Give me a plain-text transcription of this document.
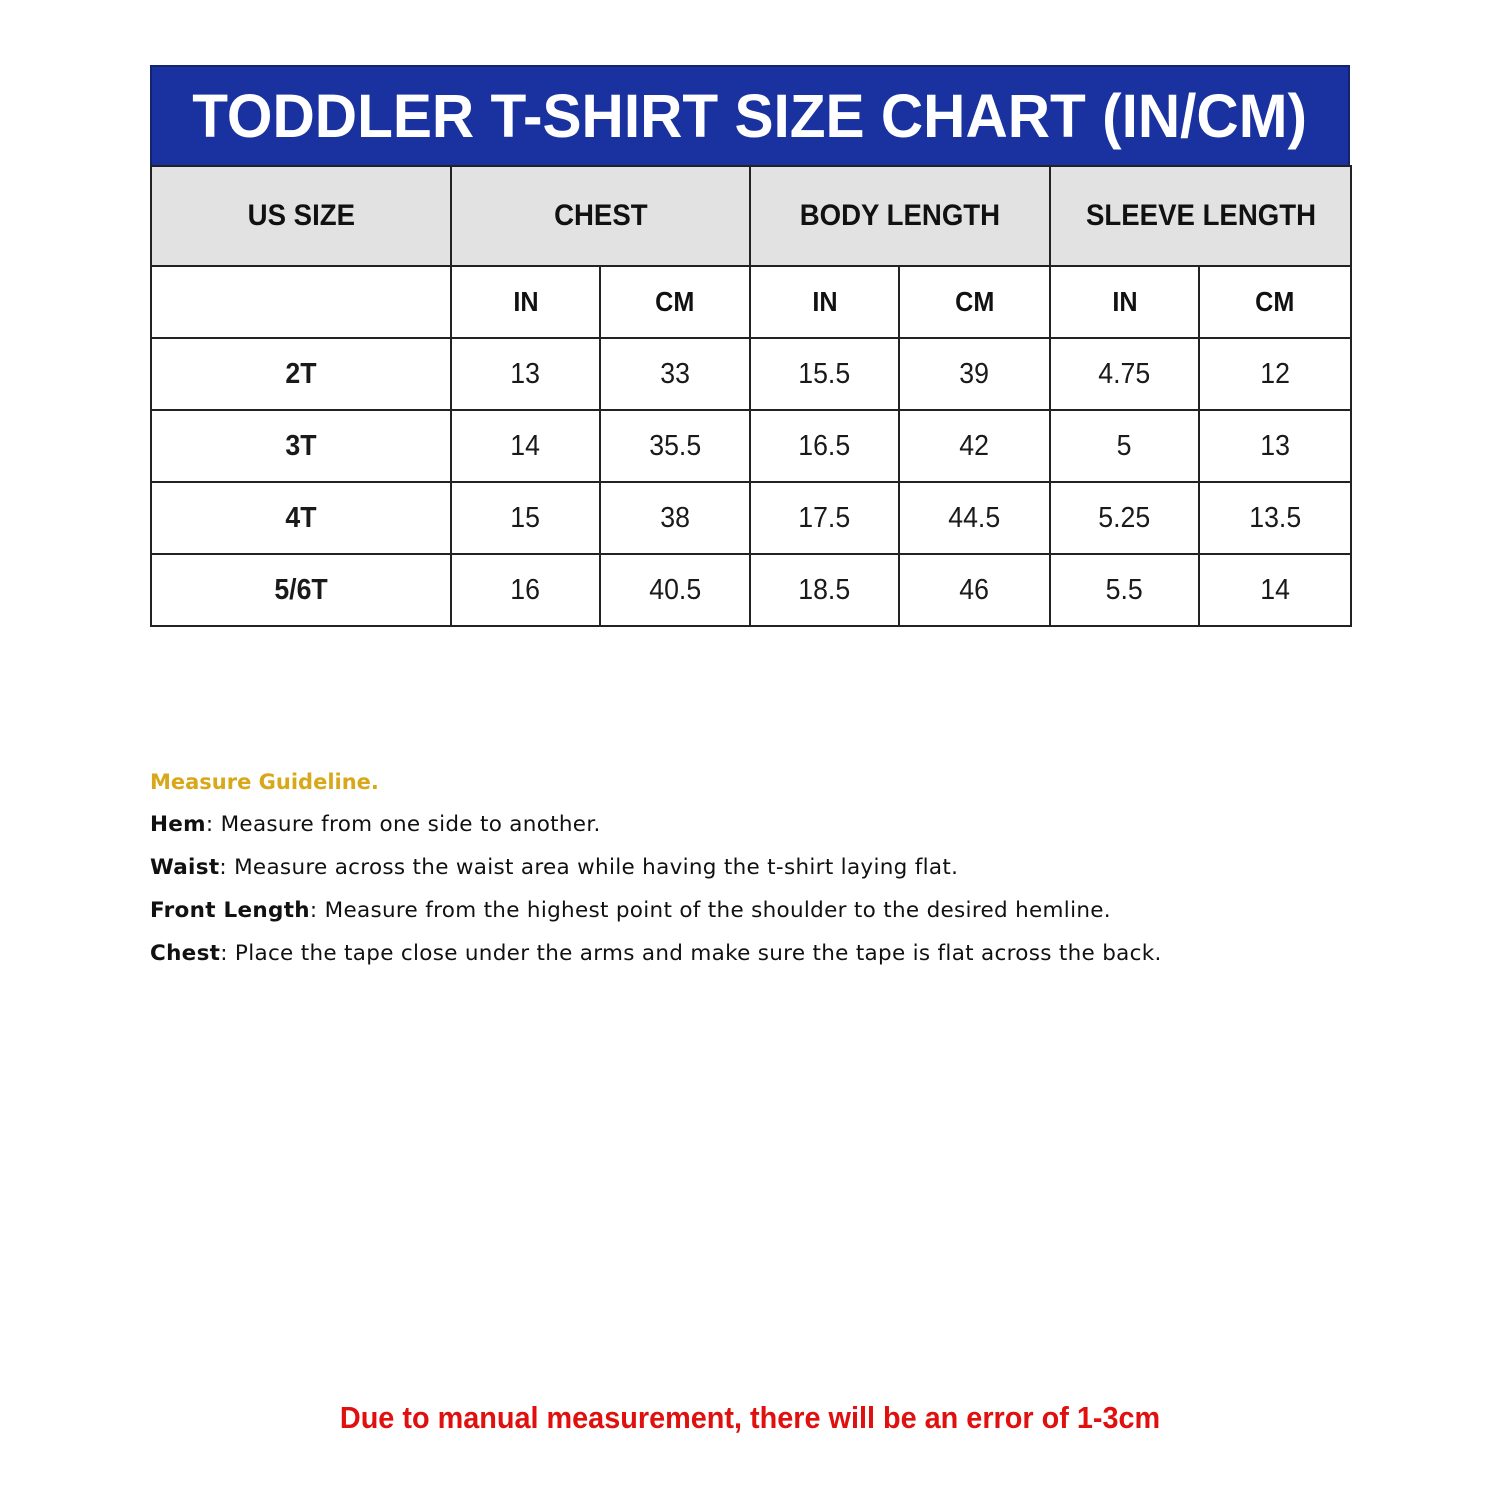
TODDLER T-SHIRT SIZE CHART (IN/CM)
US SIZE	CHEST		BODY LENGTH		SLEEVE LENGTH	
	IN	CM	IN	CM	IN	CM
2T	13	33	15.5	39	4.75	12
3T	14	35.5	16.5	42	5	13
4T	15	38	17.5	44.5	5.25	13.5
5/6T	16	40.5	18.5	46	5.5	14
Measure Guideline.
Hem: Measure from one side to another.
Waist: Measure across the waist area while having the t-shirt laying flat.
Front Length: Measure from the highest point of the shoulder to the desired hemline.
Chest: Place the tape close under the arms and make sure the tape is flat across the back.
Due to manual measurement, there will be an error of 1-3cm
